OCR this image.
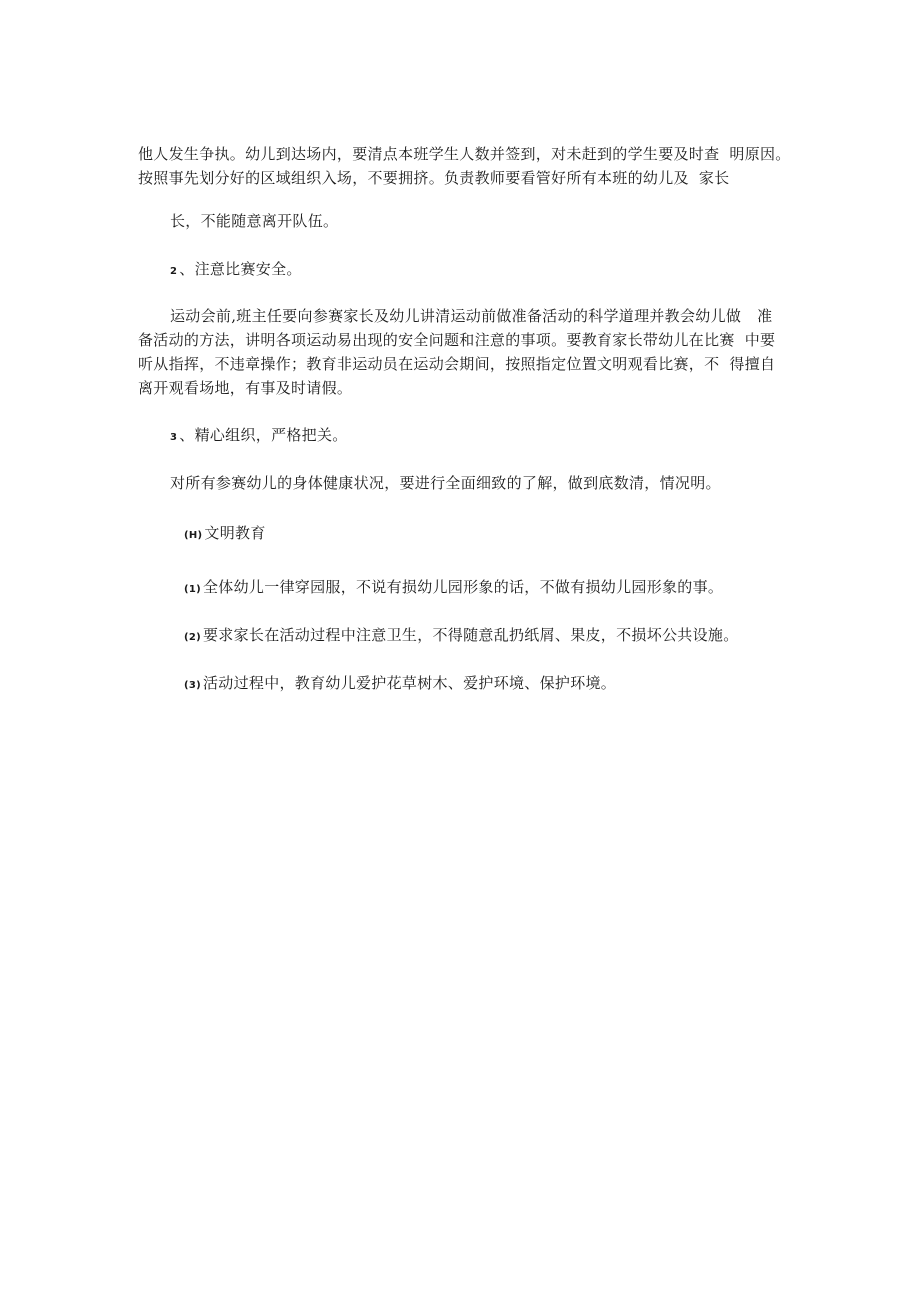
他人发生争执。幼儿到达场内，要清点本班学生人数并签到，对未赶到的学生要及时查 明原因。
按照事先划分好的区域组织入场，不要拥挤。负责教师要看管好所有本班的幼儿及 家长
长，不能随意离开队伍。
2 、注意比赛安全。
运动会前,班主任要向参赛家长及幼儿讲清运动前做准备活动的科学道理并教会幼儿做 准
备活动的方法，讲明各项运动易出现的安全问题和注意的事项。要教育家长带幼儿在比赛 中要
听从指挥，不违章操作；教育非运动员在运动会期间，按照指定位置文明观看比赛，不 得擅自
离开观看场地，有事及时请假。
3 、精心组织，严格把关。
对所有参赛幼儿的身体健康状况，要进行全面细致的了解，做到底数清，情况明。
(H) 文明教育
(1) 全体幼儿一律穿园服，不说有损幼儿园形象的话，不做有损幼儿园形象的事。
(2) 要求家长在活动过程中注意卫生，不得随意乱扔纸屑、果皮，不损坏公共设施。
(3) 活动过程中，教育幼儿爱护花草树木、爱护环境、保护环境。
